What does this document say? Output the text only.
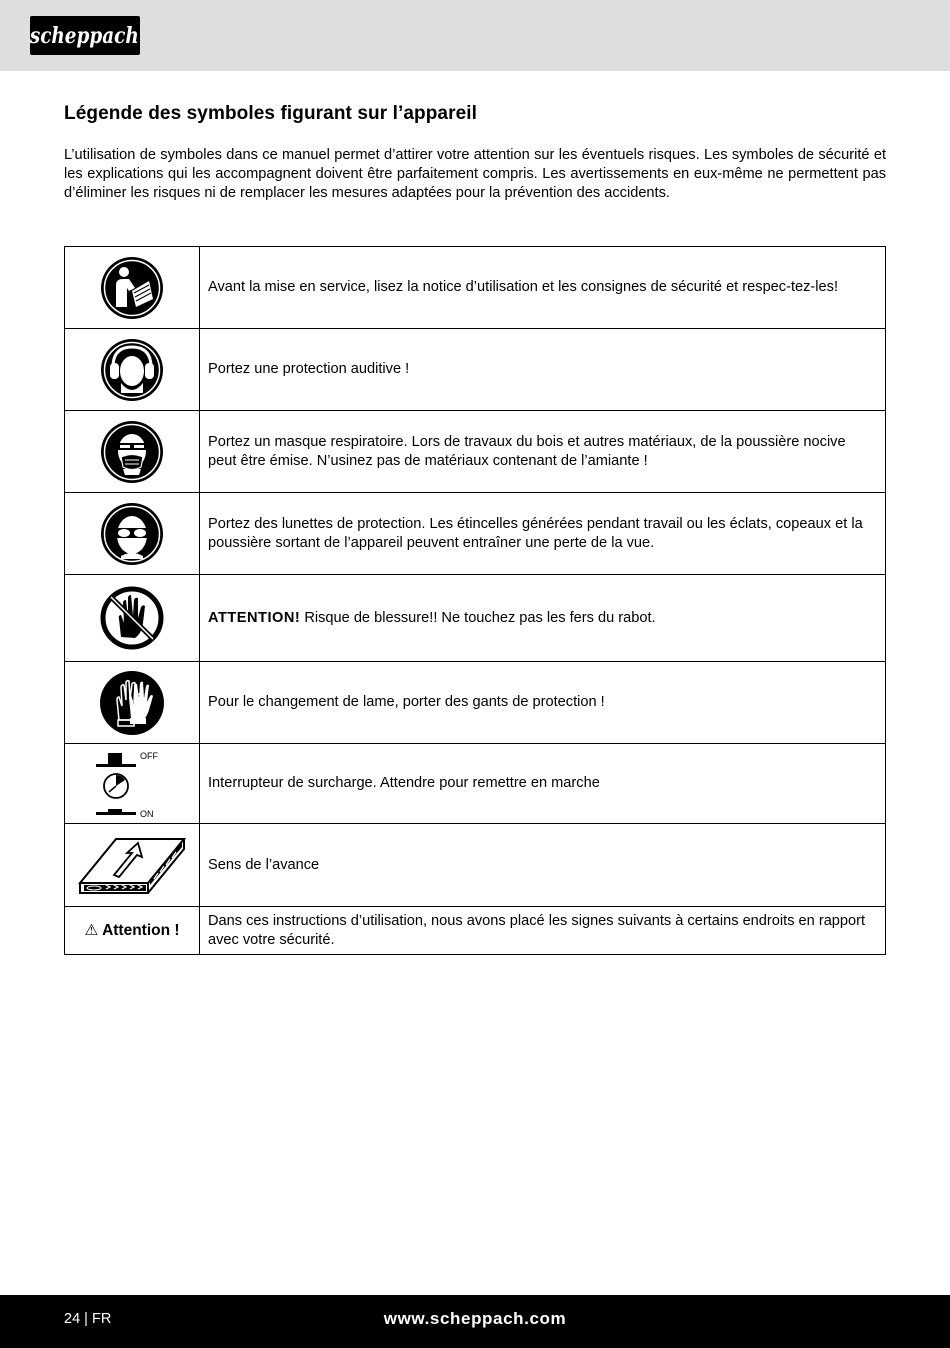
scheppach
Légende des symboles figurant sur l’appareil

L’utilisation de symboles dans ce manuel permet d’attirer votre attention sur les éventuels risques. Les symboles de sécurité et les explications qui les accompagnent doivent être parfaitement compris. Les avertissements en eux-même ne permettent pas d’éliminer les risques ni de remplacer les mesures adaptées pour la prévention des accidents.

	Avant la mise en service, lisez la notice d’utilisation et les consignes de sécurité et respec-tez-les!

	Portez une protection auditive !

	Portez un masque respiratoire. Lors de travaux du bois et autres matériaux, de la poussière nocive peut être émise. N’usinez pas de matériaux contenant de l’amiante !

	Portez des lunettes de protection. Les étincelles générées pendant travail ou les éclats, copeaux et la poussière sortant de l’appareil peuvent entraîner une perte de la vue.

	ATTENTION! Risque de blessure!! Ne touchez pas les fers du rabot.

	Pour le changement de lame, porter des gants de protection !

OFF
ON	Interrupteur de surcharge. Attendre pour remettre en marche

	Sens de l’avance
⚠ Attention !	Dans ces instructions d’utilisation, nous avons placé les signes suivants à certains endroits en rapport avec votre sécurité.
24 | FR	www.scheppach.com
